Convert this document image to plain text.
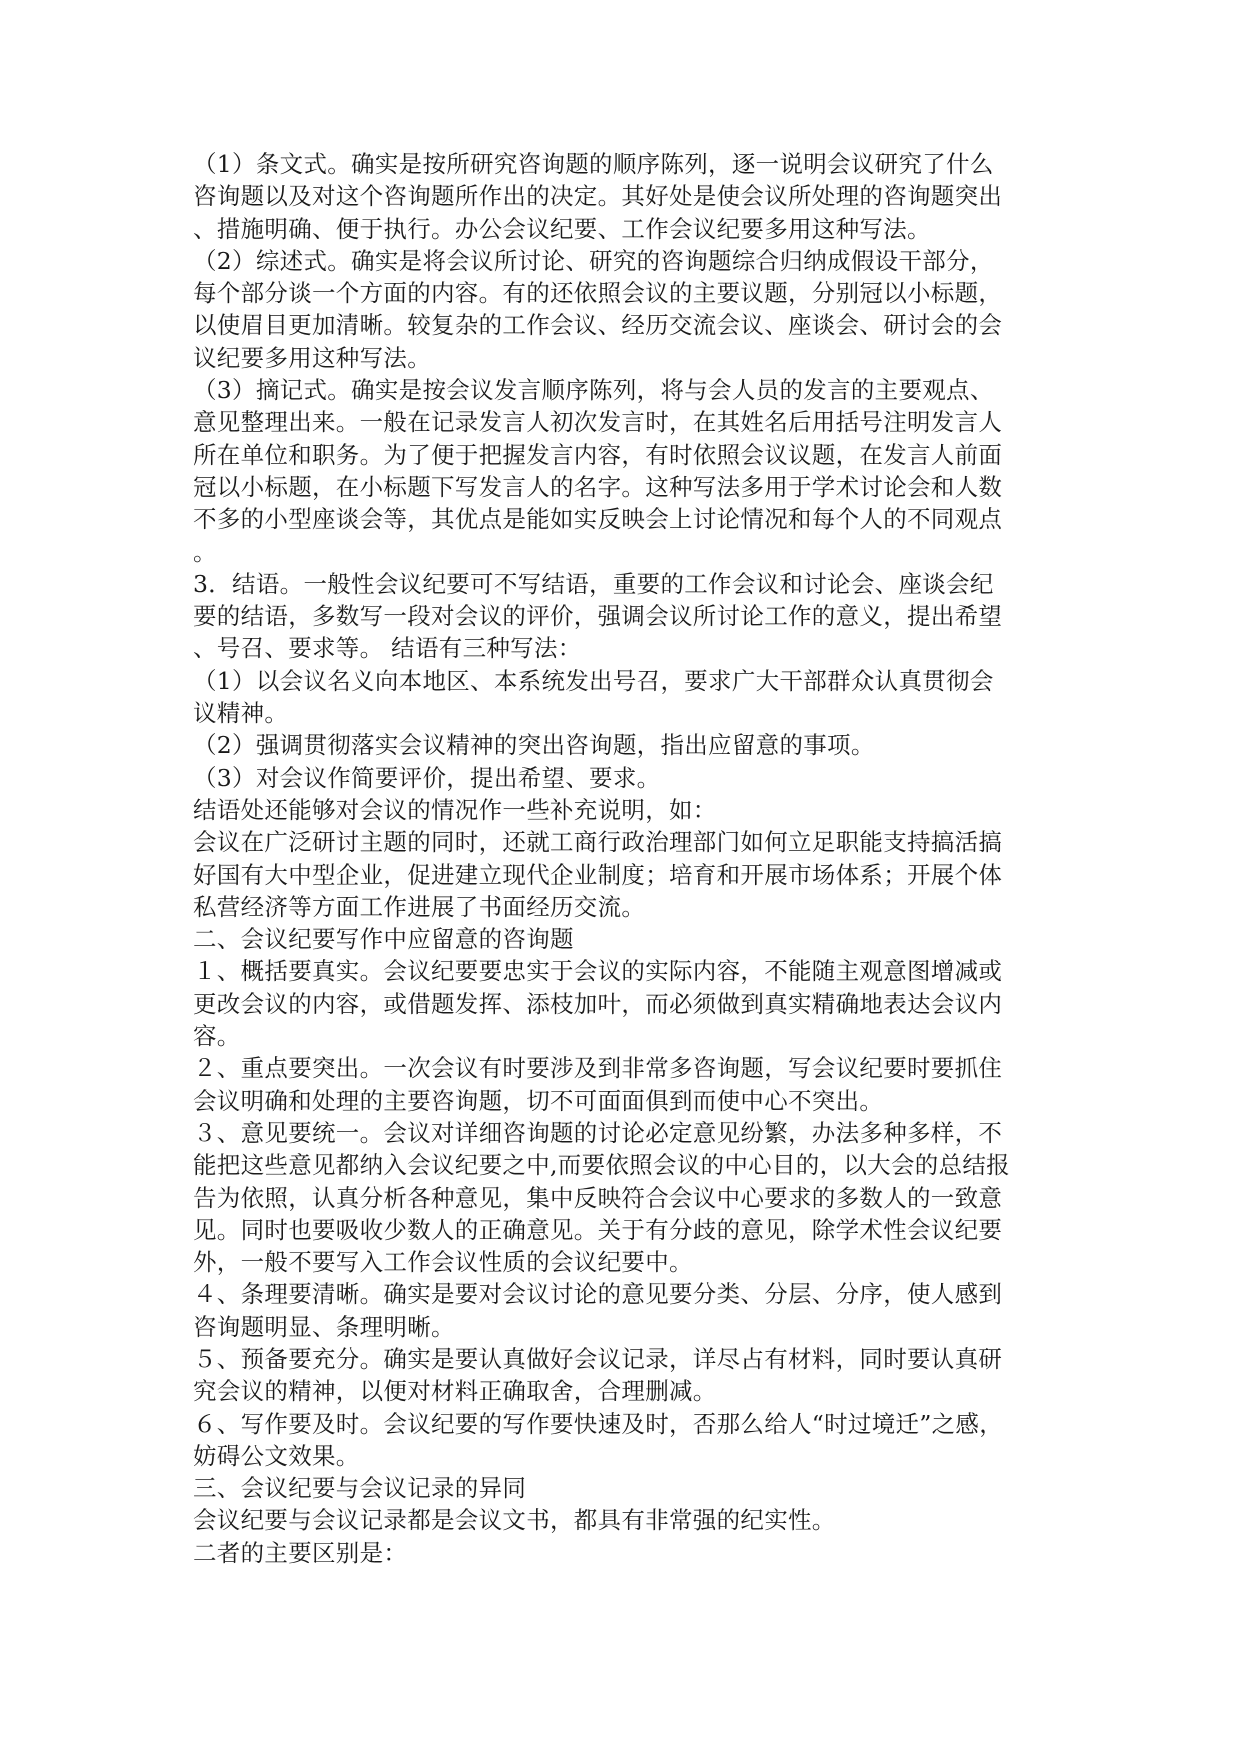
（1）条文式。确实是按所研究咨询题的顺序陈列，逐一说明会议研究了什么
咨询题以及对这个咨询题所作出的决定。其好处是使会议所处理的咨询题突出
、措施明确、便于执行。办公会议纪要、工作会议纪要多用这种写法。
（2）综述式。确实是将会议所讨论、研究的咨询题综合归纳成假设干部分，
每个部分谈一个方面的内容。有的还依照会议的主要议题，分别冠以小标题，
以使眉目更加清晰。较复杂的工作会议、经历交流会议、座谈会、研讨会的会
议纪要多用这种写法。
（3）摘记式。确实是按会议发言顺序陈列，将与会人员的发言的主要观点、
意见整理出来。一般在记录发言人初次发言时，在其姓名后用括号注明发言人
所在单位和职务。为了便于把握发言内容，有时依照会议议题，在发言人前面
冠以小标题，在小标题下写发言人的名字。这种写法多用于学术讨论会和人数
不多的小型座谈会等，其优点是能如实反映会上讨论情况和每个人的不同观点
。
3．结语。一般性会议纪要可不写结语，重要的工作会议和讨论会、座谈会纪
要的结语，多数写一段对会议的评价，强调会议所讨论工作的意义，提出希望
、号召、要求等。 结语有三种写法：
（1）以会议名义向本地区、本系统发出号召，要求广大干部群众认真贯彻会
议精神。
（2）强调贯彻落实会议精神的突出咨询题，指出应留意的事项。
（3）对会议作简要评价，提出希望、要求。
结语处还能够对会议的情况作一些补充说明，如：
会议在广泛研讨主题的同时，还就工商行政治理部门如何立足职能支持搞活搞
好国有大中型企业，促进建立现代企业制度；培育和开展市场体系；开展个体
私营经济等方面工作进展了书面经历交流。
二、会议纪要写作中应留意的咨询题
１、概括要真实。会议纪要要忠实于会议的实际内容，不能随主观意图增减或
更改会议的内容，或借题发挥、添枝加叶，而必须做到真实精确地表达会议内
容。
２、重点要突出。一次会议有时要涉及到非常多咨询题，写会议纪要时要抓住
会议明确和处理的主要咨询题，切不可面面俱到而使中心不突出。
３、意见要统一。会议对详细咨询题的讨论必定意见纷繁，办法多种多样，不
能把这些意见都纳入会议纪要之中,而要依照会议的中心目的，以大会的总结报
告为依照，认真分析各种意见，集中反映符合会议中心要求的多数人的一致意
见。同时也要吸收少数人的正确意见。关于有分歧的意见，除学术性会议纪要
外，一般不要写入工作会议性质的会议纪要中。
４、条理要清晰。确实是要对会议讨论的意见要分类、分层、分序，使人感到
咨询题明显、条理明晰。
５、预备要充分。确实是要认真做好会议记录，详尽占有材料，同时要认真研
究会议的精神，以便对材料正确取舍，合理删减。
６、写作要及时。会议纪要的写作要快速及时，否那么给人“时过境迁”之感，
妨碍公文效果。
三、会议纪要与会议记录的异同
会议纪要与会议记录都是会议文书，都具有非常强的纪实性。
二者的主要区别是：
